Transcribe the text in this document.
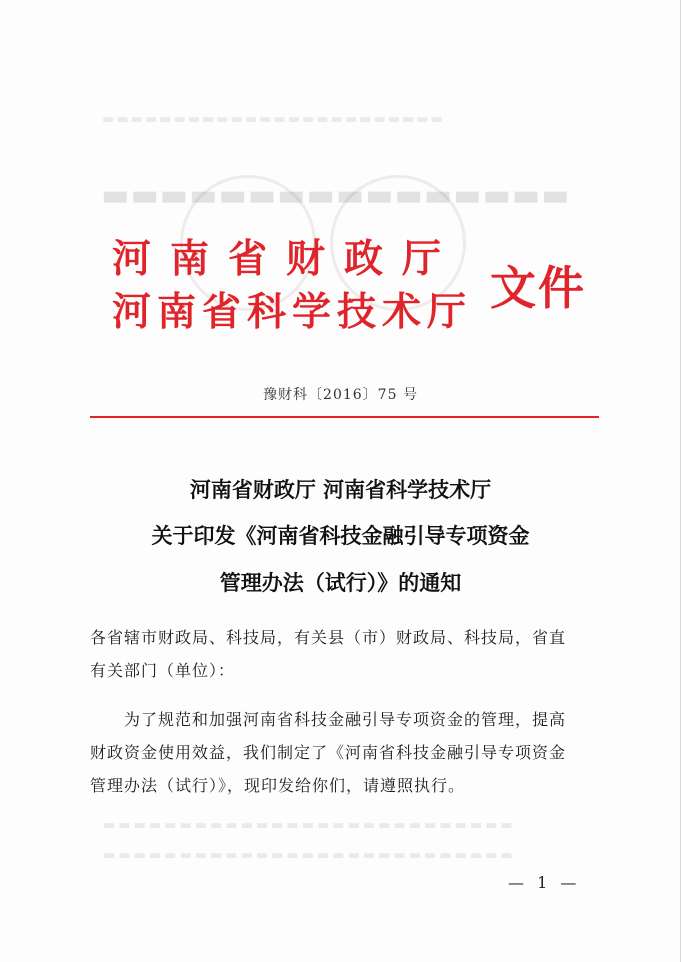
▬▬▬▬▬▬▬▬▬▬▬▬▬▬▬▬▬▬▬▬▬▬▬▬
▬▬▬▬▬▬▬▬▬▬▬▬▬▬▬▬
▬▬▬▬▬▬▬▬▬▬▬▬▬▬▬▬▬▬▬▬▬▬▬▬▬▬▬
▬▬▬▬▬▬▬▬▬▬▬▬▬▬▬▬▬▬▬▬▬▬▬▬▬▬▬
河南省财政厅
河南省科学技术厅 文件
豫财科〔2016〕75 号
河南省财政厅 河南省科学技术厅
关于印发《河南省科技金融引导专项资金
管理办法（试行）》的通知
各省辖市财政局、科技局，有关县（市）财政局、科技局，省直
有关部门（单位）：
为了规范和加强河南省科技金融引导专项资金的管理，提高
财政资金使用效益，我们制定了《河南省科技金融引导专项资金
管理办法（试行）》，现印发给你们，请遵照执行。
— 1 —
